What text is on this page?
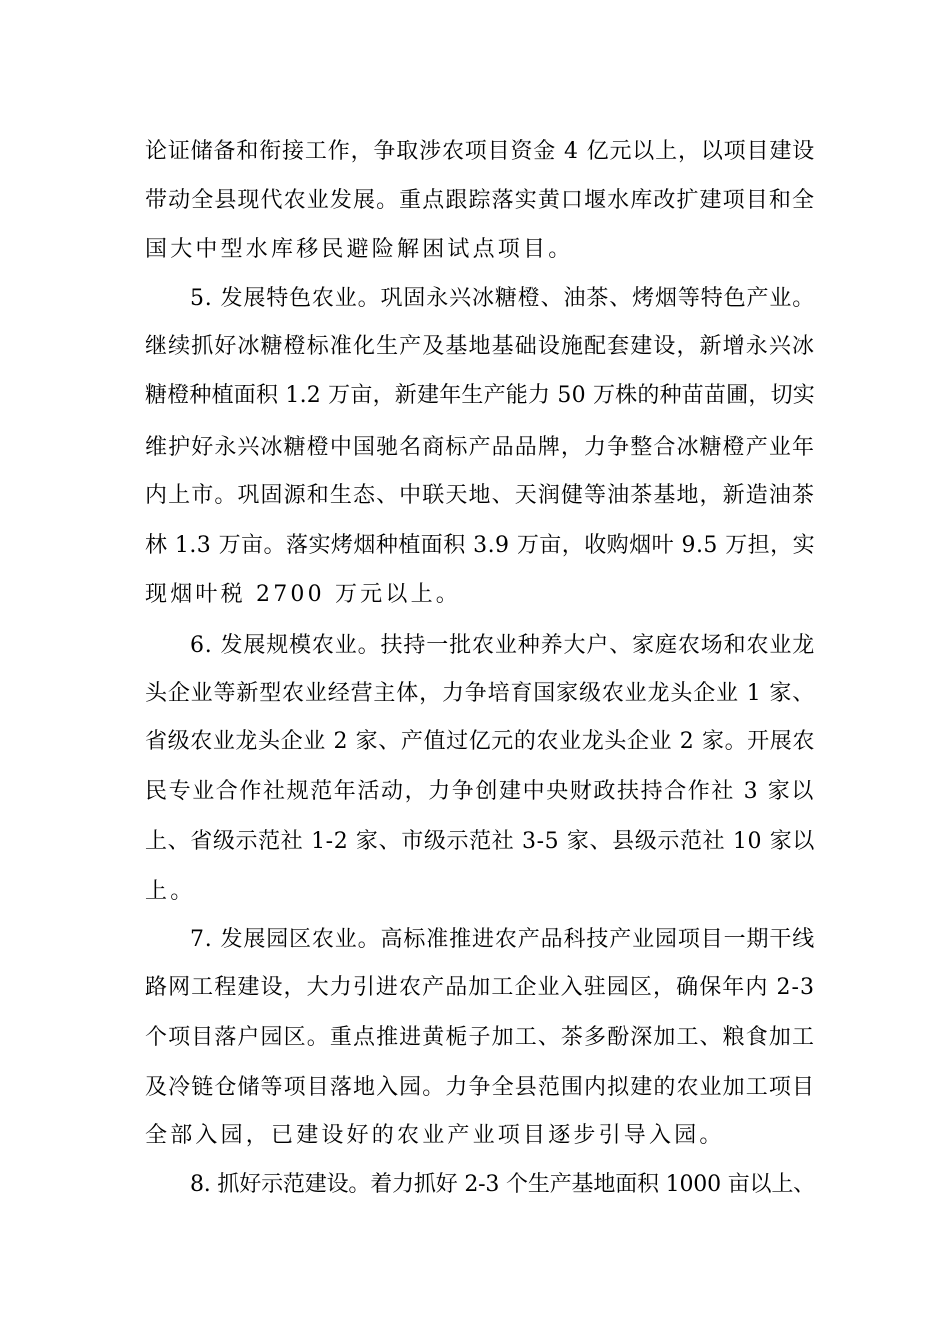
论证储备和衔接工作，争取涉农项目资金 4 亿元以上，以项目建设
带动全县现代农业发展。重点跟踪落实黄口堰水库改扩建项目和全
国大中型水库移民避险解困试点项目。
5. 发展特色农业。巩固永兴冰糖橙、油茶、烤烟等特色产业。
继续抓好冰糖橙标准化生产及基地基础设施配套建设，新增永兴冰
糖橙种植面积 1.2 万亩，新建年生产能力 50 万株的种苗苗圃，切实
维护好永兴冰糖橙中国驰名商标产品品牌，力争整合冰糖橙产业年
内上市。巩固源和生态、中联天地、天润健等油茶基地，新造油茶
林 1.3 万亩。落实烤烟种植面积 3.9 万亩，收购烟叶 9.5 万担，实
现烟叶税 2700 万元以上。
6. 发展规模农业。扶持一批农业种养大户、家庭农场和农业龙
头企业等新型农业经营主体，力争培育国家级农业龙头企业 1 家、
省级农业龙头企业 2 家、产值过亿元的农业龙头企业 2 家。开展农
民专业合作社规范年活动，力争创建中央财政扶持合作社 3 家以
上、省级示范社 1-2 家、市级示范社 3-5 家、县级示范社 10 家以
上。
7. 发展园区农业。高标准推进农产品科技产业园项目一期干线
路网工程建设，大力引进农产品加工企业入驻园区，确保年内 2-3
个项目落户园区。重点推进黄栀子加工、茶多酚深加工、粮食加工
及冷链仓储等项目落地入园。力争全县范围内拟建的农业加工项目
全部入园，已建设好的农业产业项目逐步引导入园。
8. 抓好示范建设。着力抓好 2-3 个生产基地面积 1000 亩以上、
